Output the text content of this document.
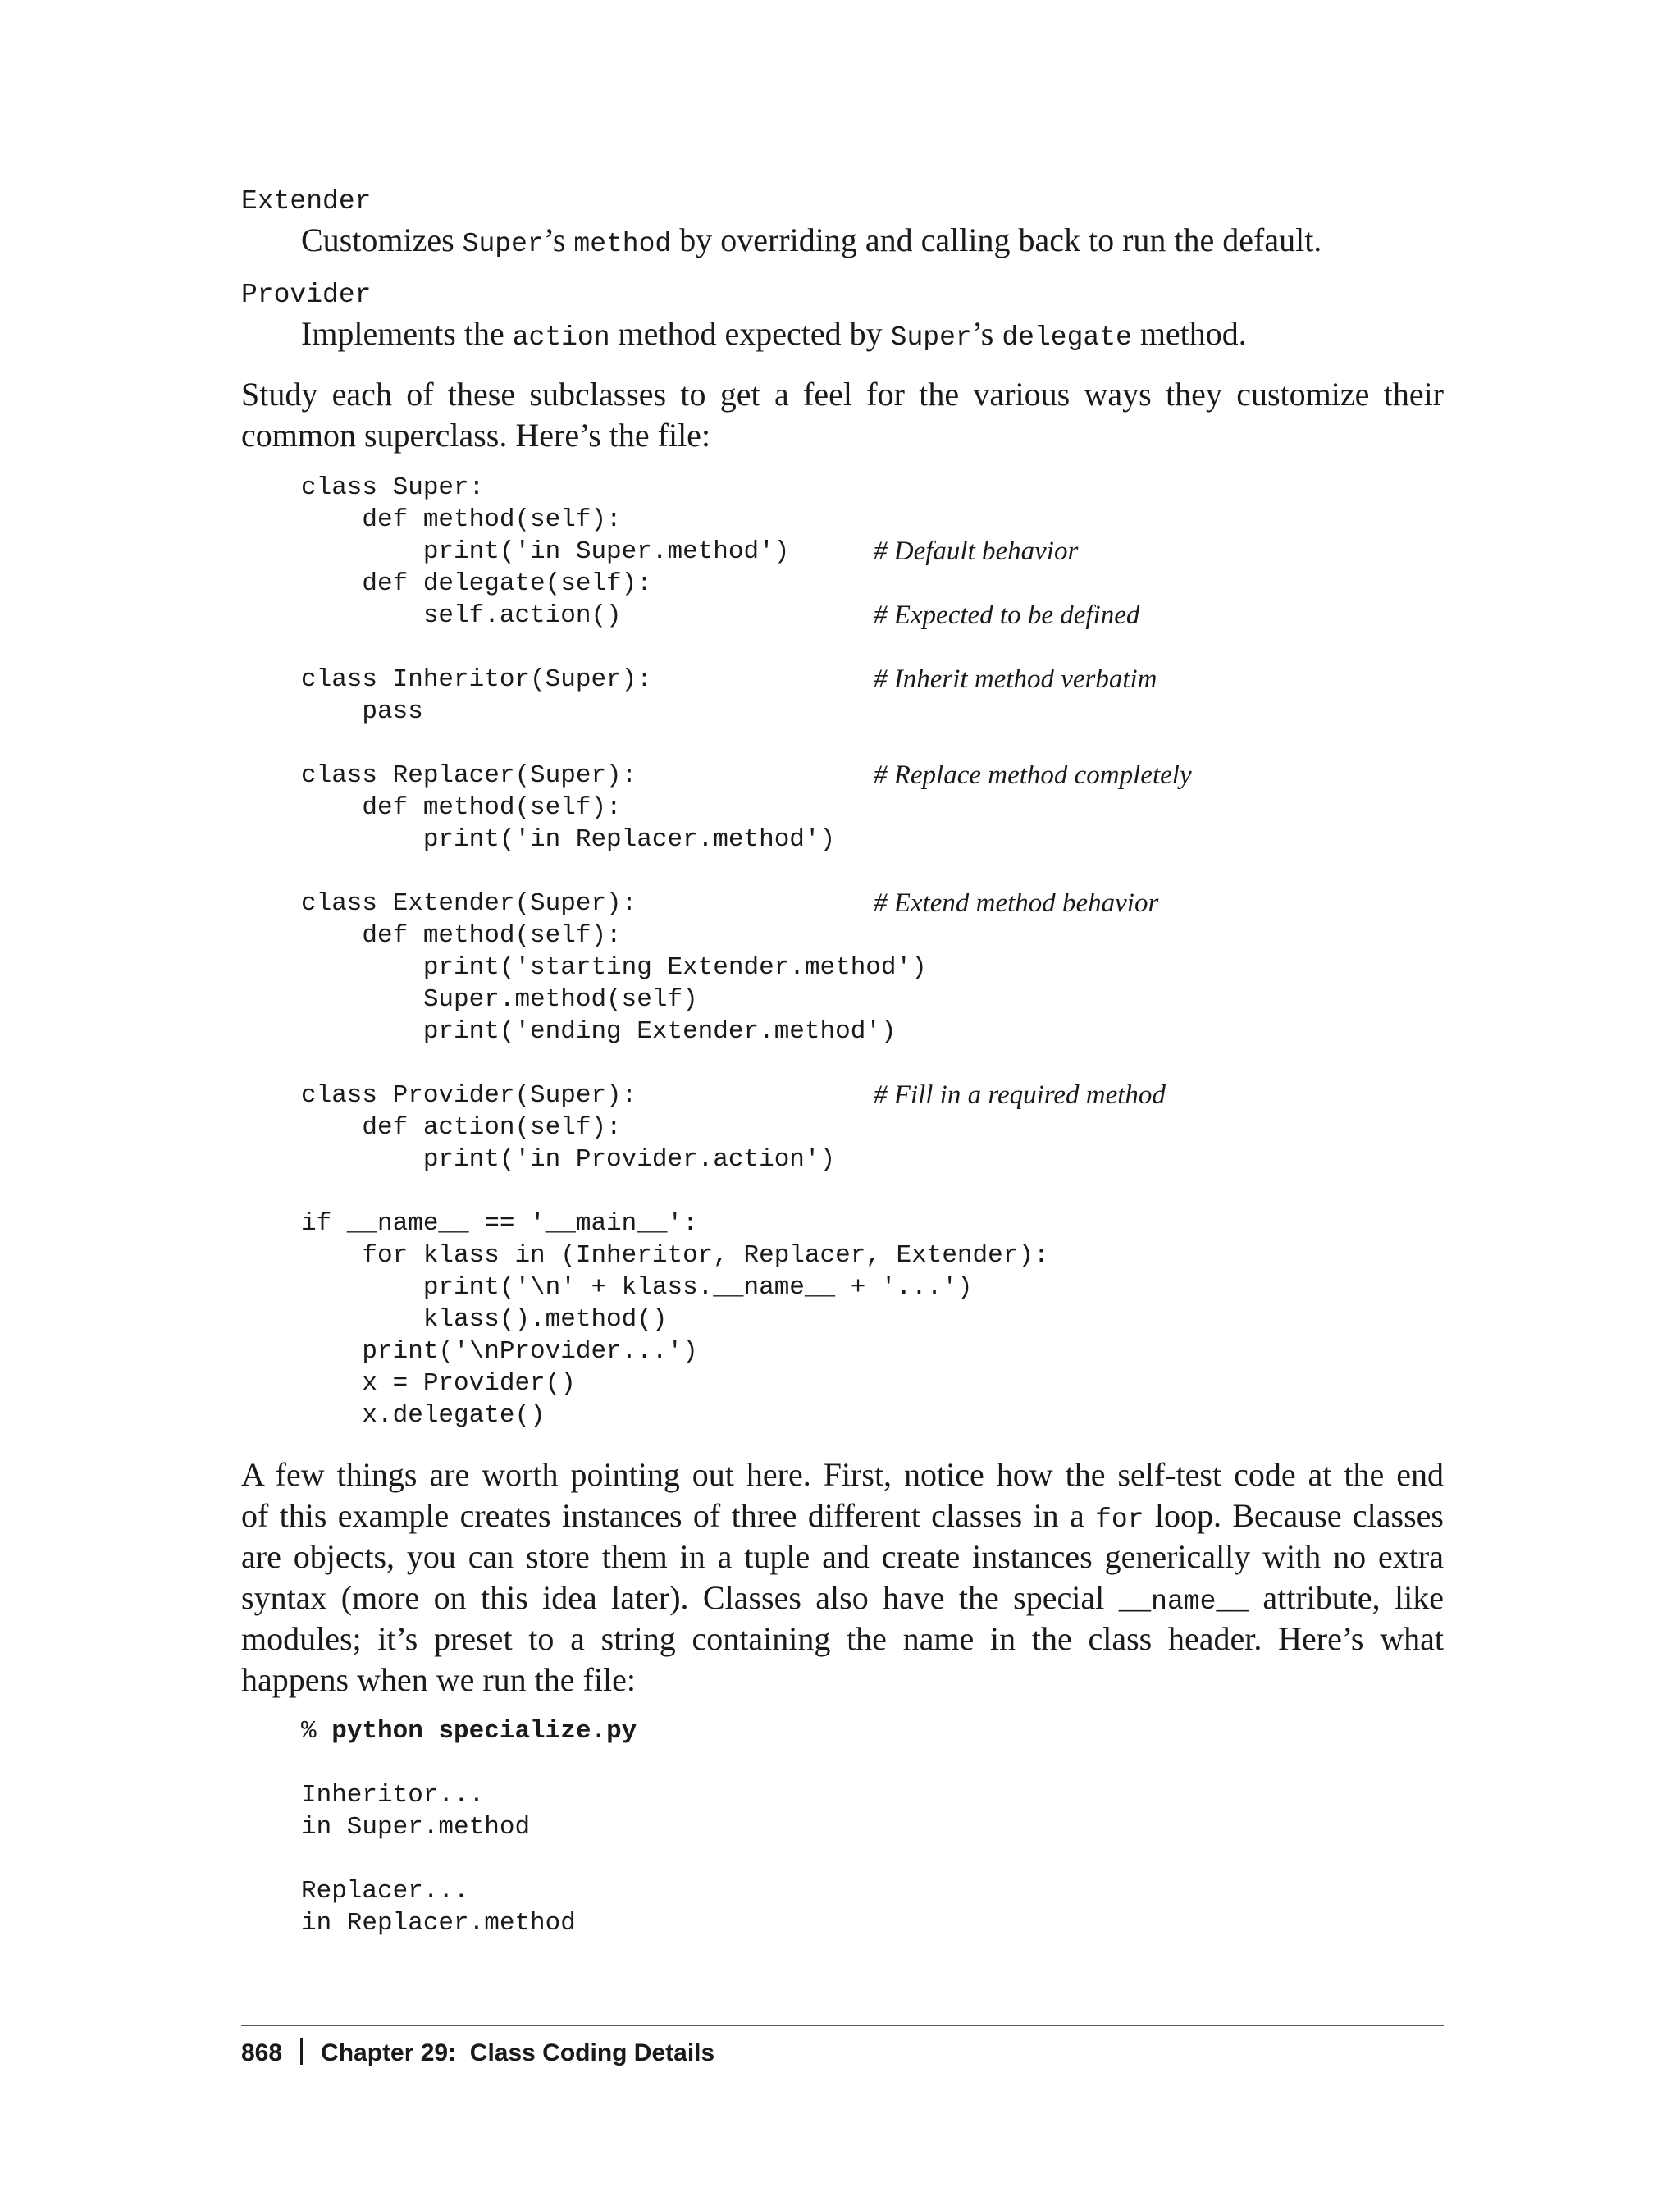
Extender
Customizes Super’s method by overriding and calling back to run the default.
Provider
Implements the action method expected by Super’s delegate method.
Study each of these subclasses to get a feel for the various ways they customize their
common superclass. Here’s the file:
class Super:
def method(self):
print('in Super.method')	# Default behavior
def delegate(self):
self.action()	# Expected to be defined
class Inheritor(Super):	# Inherit method verbatim
pass
class Replacer(Super):	# Replace method completely
def method(self):
print('in Replacer.method')
class Extender(Super):	# Extend method behavior
def method(self):
print('starting Extender.method')
Super.method(self)
print('ending Extender.method')
class Provider(Super):	# Fill in a required method
def action(self):
print('in Provider.action')
if __name__ == '__main__':
for klass in (Inheritor, Replacer, Extender):
print('\n' + klass.__name__ + '...')
klass().method()
print('\nProvider...')
x = Provider()
x.delegate()
A few things are worth pointing out here. First, notice how the self-test code at the end
of this example creates instances of three different classes in a for loop. Because classes
are objects, you can store them in a tuple and create instances generically with no extra
syntax (more on this idea later). Classes also have the special __name__ attribute, like
modules; it’s preset to a string containing the name in the class header. Here’s what
happens when we run the file:
% python specialize.py
Inheritor...
in Super.method
Replacer...
in Replacer.method
868 Chapter 29:  Class Coding Details
